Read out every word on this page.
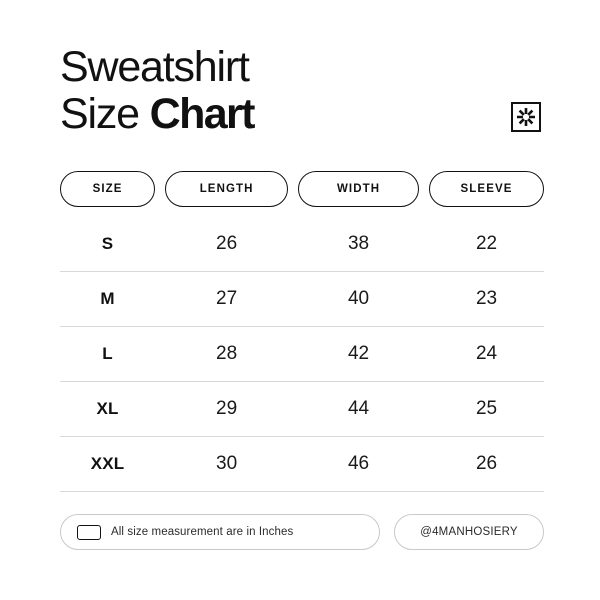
Sweatshirt
Size Chart
SIZE	LENGTH	WIDTH	SLEEVE
S	26	38	22
M	27	40	23
L	28	42	24
XL	29	44	25
XXL	30	46	26
All size measurement are in Inches	@4MANHOSIERY
